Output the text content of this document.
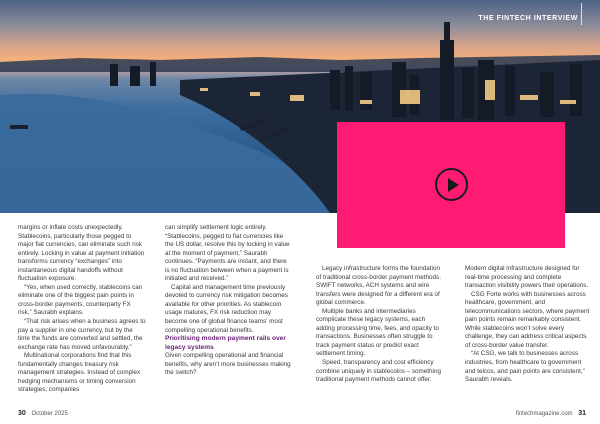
THE FINTECH INTERVIEW

margins or inflate costs unexpectedly. Stablecoins, particularly those pegged to major fiat currencies, can eliminate such risk entirely. Locking in value at payment initiation transforms currency “exchanges” into instantaneous digital handoffs without fluctuation exposure.

“Yes, when used correctly, stablecoins can eliminate one of the biggest pain points in cross-border payments, counterparty FX risk,” Saurabh explains.

“That risk arises when a business agrees to pay a supplier in one currency, but by the time the funds are converted and settled, the exchange rate has moved unfavourably.”

Multinational corporations find that this fundamentally changes treasury risk management strategies. Instead of complex hedging mechanisms or timing conversion strategies, companies

can simplify settlement logic entirely. “Stablecoins, pegged to fiat currencies like the US dollar, resolve this by locking in value at the moment of payment,” Saurabh continues. “Payments are instant, and there is no fluctuation between when a payment is initiated and received.”

Capital and management time previously devoted to currency risk mitigation becomes available for other priorities. As stablecoin usage matures, FX risk reduction may become one of global finance teams’ most compelling operational benefits.

Prioritising modern payment rails over legacy systems

Given compelling operational and financial benefits, why aren’t more businesses making the switch?

Legacy infrastructure forms the foundation of traditional cross-border payment methods. SWIFT networks, ACH systems and wire transfers were designed for a different era of global commerce.

Multiple banks and intermediaries complicate these legacy systems, each adding processing time, fees, and opacity to transactions. Businesses often struggle to track payment status or predict exact settlement timing.

Speed, transparency and cost efficiency combine uniquely in stablecoins – something traditional payment methods cannot offer.

Modern digital infrastructure designed for real-time processing and complete transaction visibility powers their operations.

CSG Forte works with businesses across healthcare, government, and telecommunications sectors, where payment pain points remain remarkably consistent. While stablecoins won’t solve every challenge, they can address critical aspects of cross-border value transfer.

“At CSG, we talk to businesses across industries, from healthcare to government and telcos, and pain points are consistent,” Saurabh reveals.

30 October 2025	fintechmagazine.com 31
